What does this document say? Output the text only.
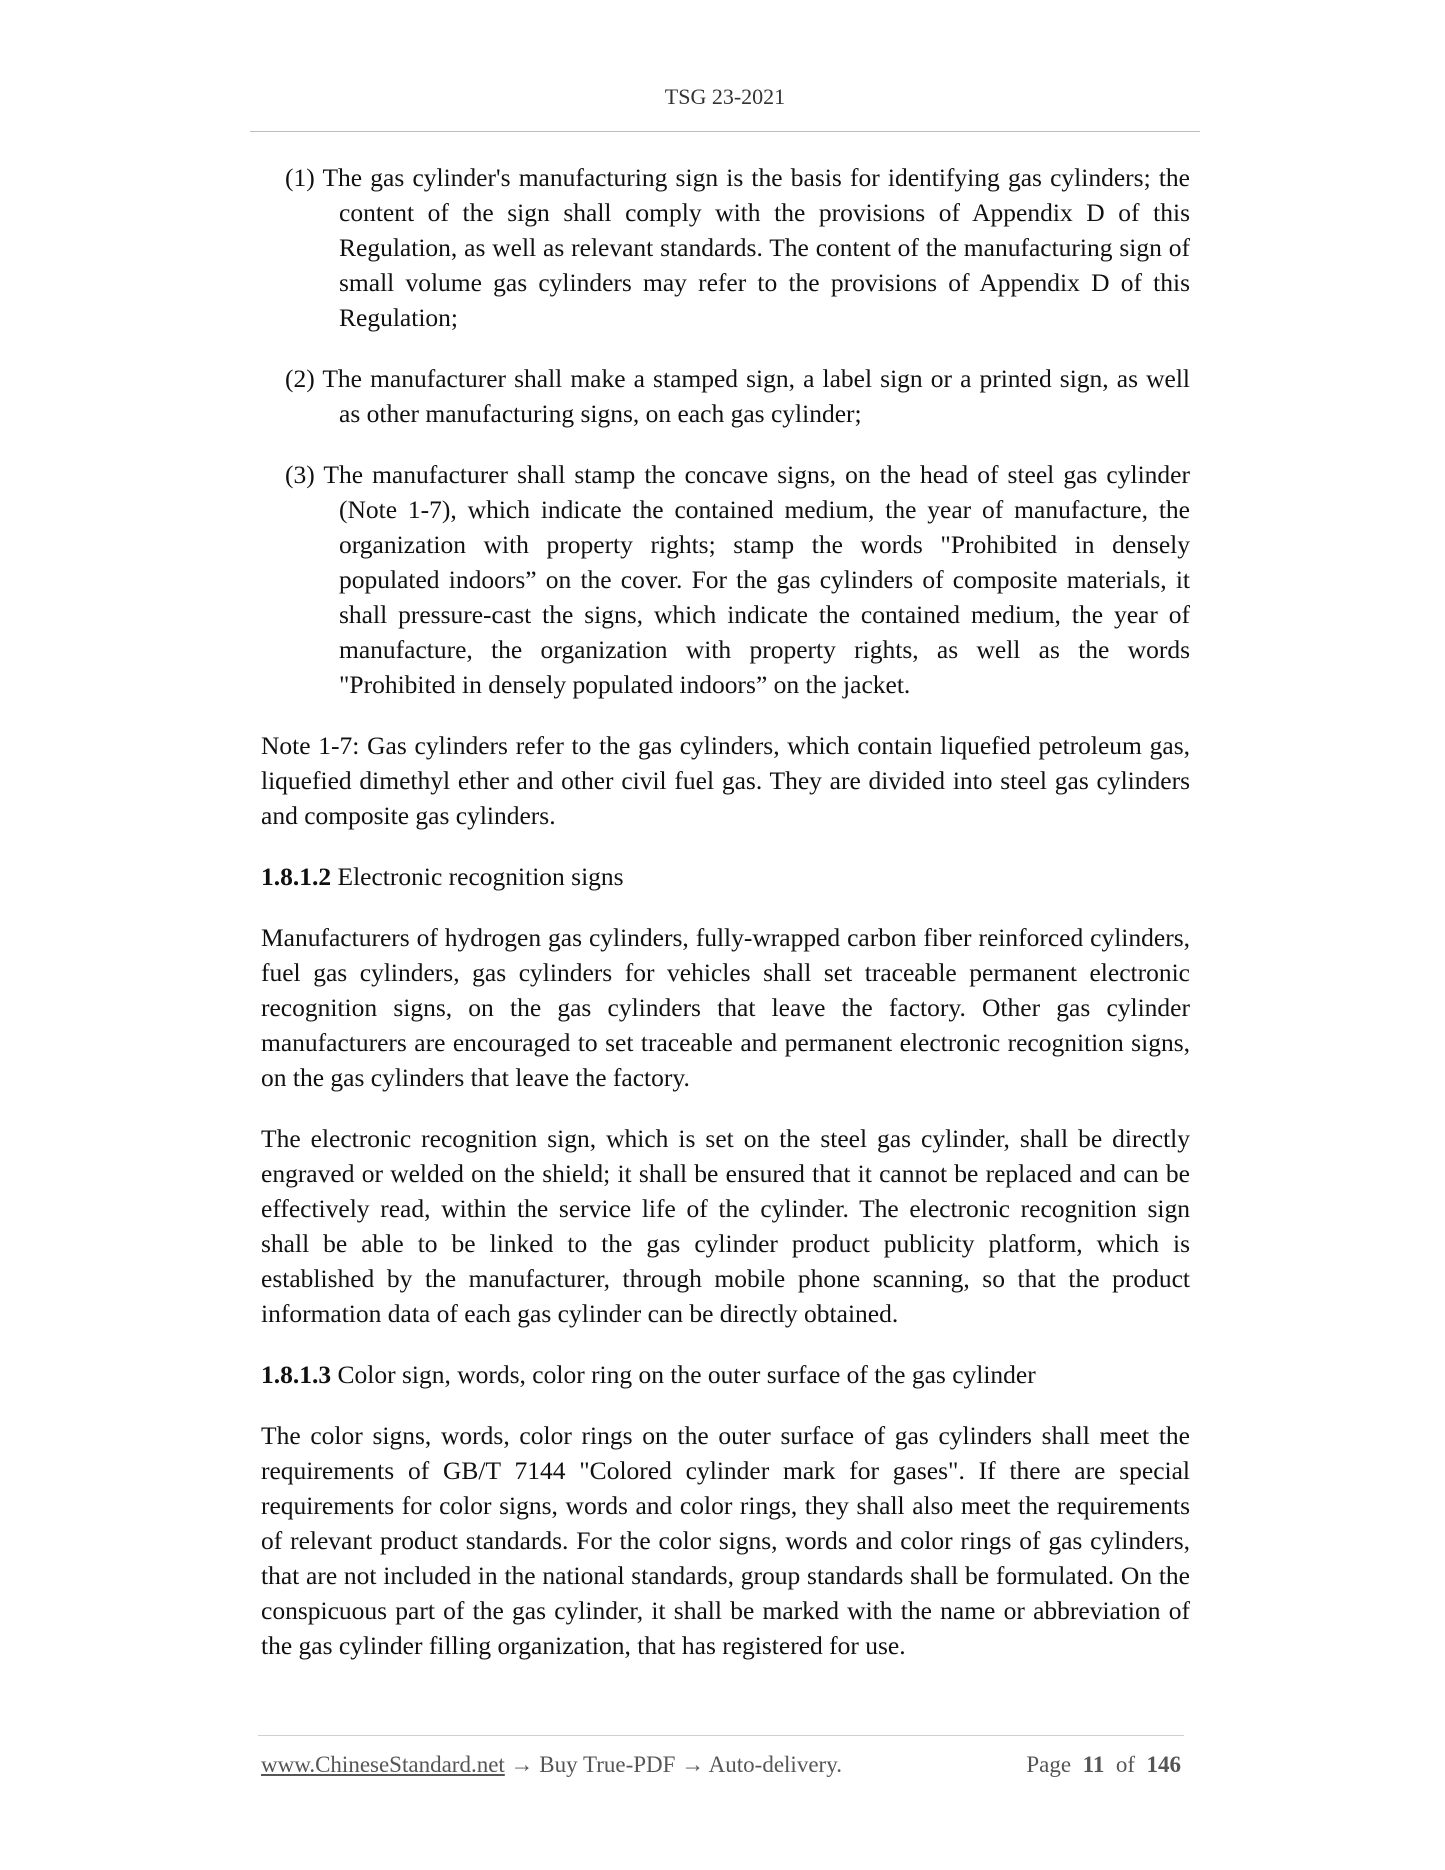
TSG 23-2021

(1) The gas cylinder's manufacturing sign is the basis for identifying gas cylinders; the content of the sign shall comply with the provisions of Appendix D of this Regulation, as well as relevant standards. The content of the manufacturing sign of small volume gas cylinders may refer to the provisions of Appendix D of this Regulation;

(2) The manufacturer shall make a stamped sign, a label sign or a printed sign, as well as other manufacturing signs, on each gas cylinder;

(3) The manufacturer shall stamp the concave signs, on the head of steel gas cylinder (Note 1-7), which indicate the contained medium, the year of manufacture, the organization with property rights; stamp the words "Prohibited in densely populated indoors” on the cover. For the gas cylinders of composite materials, it shall pressure-cast the signs, which indicate the contained medium, the year of manufacture, the organization with property rights, as well as the words "Prohibited in densely populated indoors” on the jacket.

Note 1-7: Gas cylinders refer to the gas cylinders, which contain liquefied petroleum gas, liquefied dimethyl ether and other civil fuel gas. They are divided into steel gas cylinders and composite gas cylinders.

1.8.1.2 Electronic recognition signs

Manufacturers of hydrogen gas cylinders, fully-wrapped carbon fiber reinforced cylinders, fuel gas cylinders, gas cylinders for vehicles shall set traceable permanent electronic recognition signs, on the gas cylinders that leave the factory. Other gas cylinder manufacturers are encouraged to set traceable and permanent electronic recognition signs, on the gas cylinders that leave the factory.

The electronic recognition sign, which is set on the steel gas cylinder, shall be directly engraved or welded on the shield; it shall be ensured that it cannot be replaced and can be effectively read, within the service life of the cylinder. The electronic recognition sign shall be able to be linked to the gas cylinder product publicity platform, which is established by the manufacturer, through mobile phone scanning, so that the product information data of each gas cylinder can be directly obtained.

1.8.1.3 Color sign, words, color ring on the outer surface of the gas cylinder

The color signs, words, color rings on the outer surface of gas cylinders shall meet the requirements of GB/T 7144 "Colored cylinder mark for gases". If there are special requirements for color signs, words and color rings, they shall also meet the requirements of relevant product standards. For the color signs, words and color rings of gas cylinders, that are not included in the national standards, group standards shall be formulated. On the conspicuous part of the gas cylinder, it shall be marked with the name or abbreviation of the gas cylinder filling organization, that has registered for use.

www.ChineseStandard.net → Buy True-PDF → Auto-delivery.	Page 11 of 146
